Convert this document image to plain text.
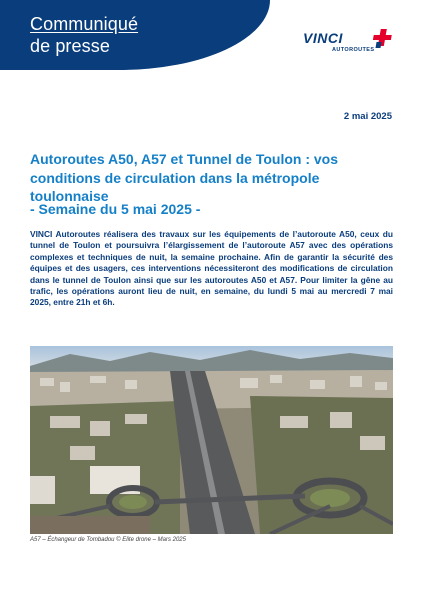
Communiqué
de presse	VINCI
AUTOROUTES
2 mai 2025
Autoroutes A50, A57 et Tunnel de Toulon : vos conditions de circulation dans la métropole toulonnaise
- Semaine du 5 mai 2025 -
VINCI Autoroutes réalisera des travaux sur les équipements de l’autoroute A50, ceux du tunnel de Toulon et poursuivra l’élargissement de l’autoroute A57 avec des opérations complexes et techniques de nuit, la semaine prochaine. Afin de garantir la sécurité des équipes et des usagers, ces interventions nécessiteront des modifications de circulation dans le tunnel de Toulon ainsi que sur les autoroutes A50 et A57. Pour limiter la gêne au trafic, les opérations auront lieu de nuit, en semaine, du lundi 5 mai au mercredi 7 mai 2025, entre 21h et 6h.
A57 – Échangeur de Tombadou © Elite drone – Mars 2025
